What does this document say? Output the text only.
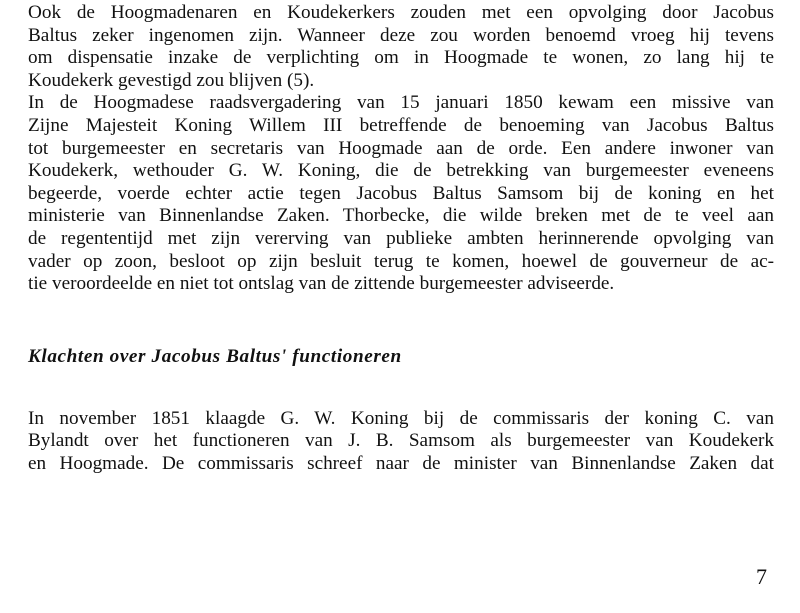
Ook de Hoogmadenaren en Koudekerkers zouden met een opvolging door Jacobus
Baltus zeker ingenomen zijn. Wanneer deze zou worden benoemd vroeg hij tevens
om dispensatie inzake de verplichting om in Hoogmade te wonen, zo lang hij te
Koudekerk gevestigd zou blijven (5).
In de Hoogmadese raadsvergadering van 15 januari 1850 kewam een missive van
Zijne Majesteit Koning Willem III betreffende de benoeming van Jacobus Baltus
tot burgemeester en secretaris van Hoogmade aan de orde. Een andere inwoner van
Koudekerk, wethouder G. W. Koning, die de betrekking van burgemeester eveneens
begeerde, voerde echter actie tegen Jacobus Baltus Samsom bij de koning en het
ministerie van Binnenlandse Zaken. Thorbecke, die wilde breken met de te veel aan
de regententijd met zijn vererving van publieke ambten herinnerende opvolging van
vader op zoon, besloot op zijn besluit terug te komen, hoewel de gouverneur de ac-
tie veroordeelde en niet tot ontslag van de zittende burgemeester adviseerde.
Klachten over Jacobus Baltus' functioneren
In november 1851 klaagde G. W. Koning bij de commissaris der koning C. van
Bylandt over het functioneren van J. B. Samsom als burgemeester van Koudekerk
en Hoogmade. De commissaris schreef naar de minister van Binnenlandse Zaken dat
7
